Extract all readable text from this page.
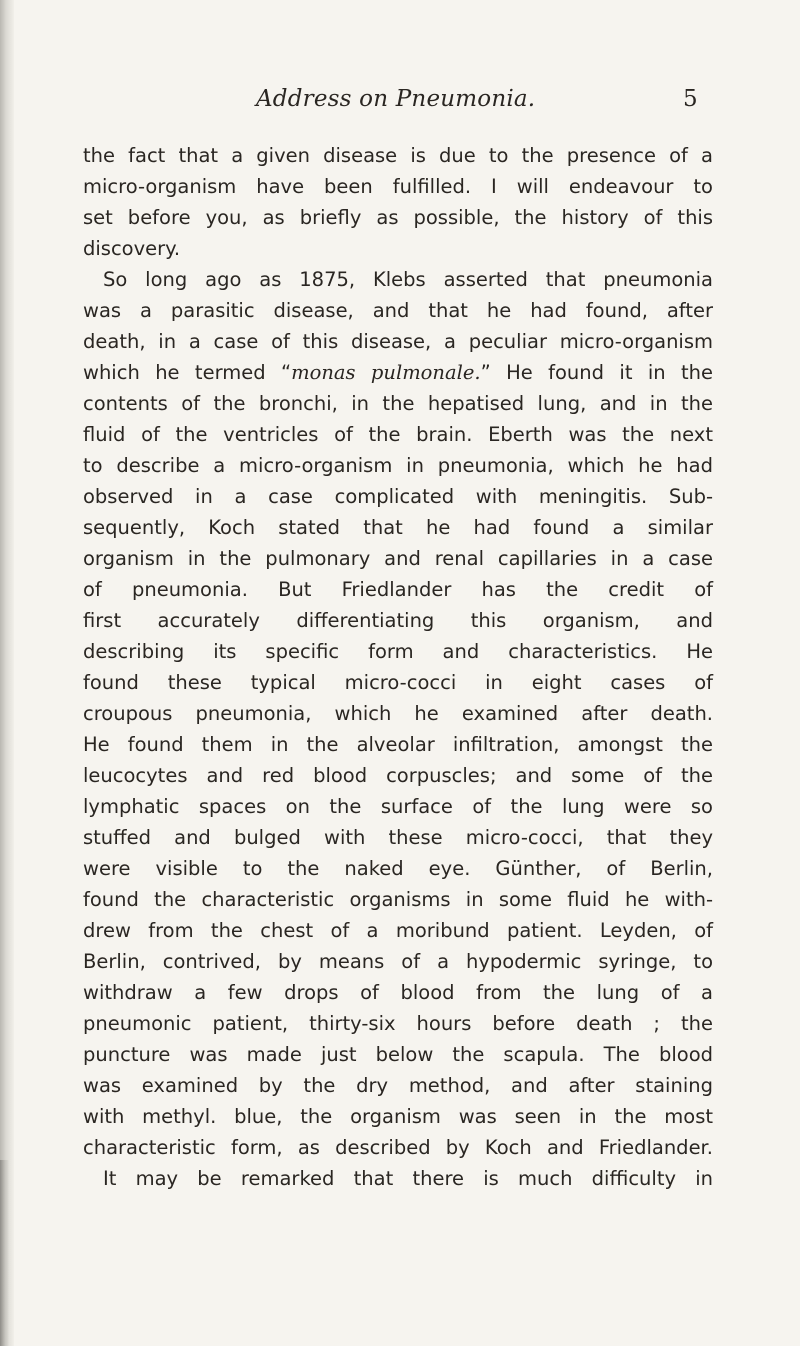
Address on Pneumonia.	5
the fact that a given disease is due to the presence of a
micro-organism have been fulfilled. I will endeavour to
set before you, as briefly as possible, the history of this
discovery.
So long ago as 1875, Klebs asserted that pneumonia
was a parasitic disease, and that he had found, after
death, in a case of this disease, a peculiar micro-organism
which he termed “monas pulmonale.” He found it in the
contents of the bronchi, in the hepatised lung, and in the
fluid of the ventricles of the brain. Eberth was the next
to describe a micro-organism in pneumonia, which he had
observed in a case complicated with meningitis. Sub-
sequently, Koch stated that he had found a similar
organism in the pulmonary and renal capillaries in a case
of pneumonia. But Friedlander has the credit of
first accurately differentiating this organism, and
describing its specific form and characteristics. He
found these typical micro-cocci in eight cases of
croupous pneumonia, which he examined after death.
He found them in the alveolar infiltration, amongst the
leucocytes and red blood corpuscles; and some of the
lymphatic spaces on the surface of the lung were so
stuffed and bulged with these micro-cocci, that they
were visible to the naked eye. Günther, of Berlin,
found the characteristic organisms in some fluid he with-
drew from the chest of a moribund patient. Leyden, of
Berlin, contrived, by means of a hypodermic syringe, to
withdraw a few drops of blood from the lung of a
pneumonic patient, thirty-six hours before death ; the
puncture was made just below the scapula. The blood
was examined by the dry method, and after staining
with methyl. blue, the organism was seen in the most
characteristic form, as described by Koch and Friedlander.
It may be remarked that there is much difficulty in
